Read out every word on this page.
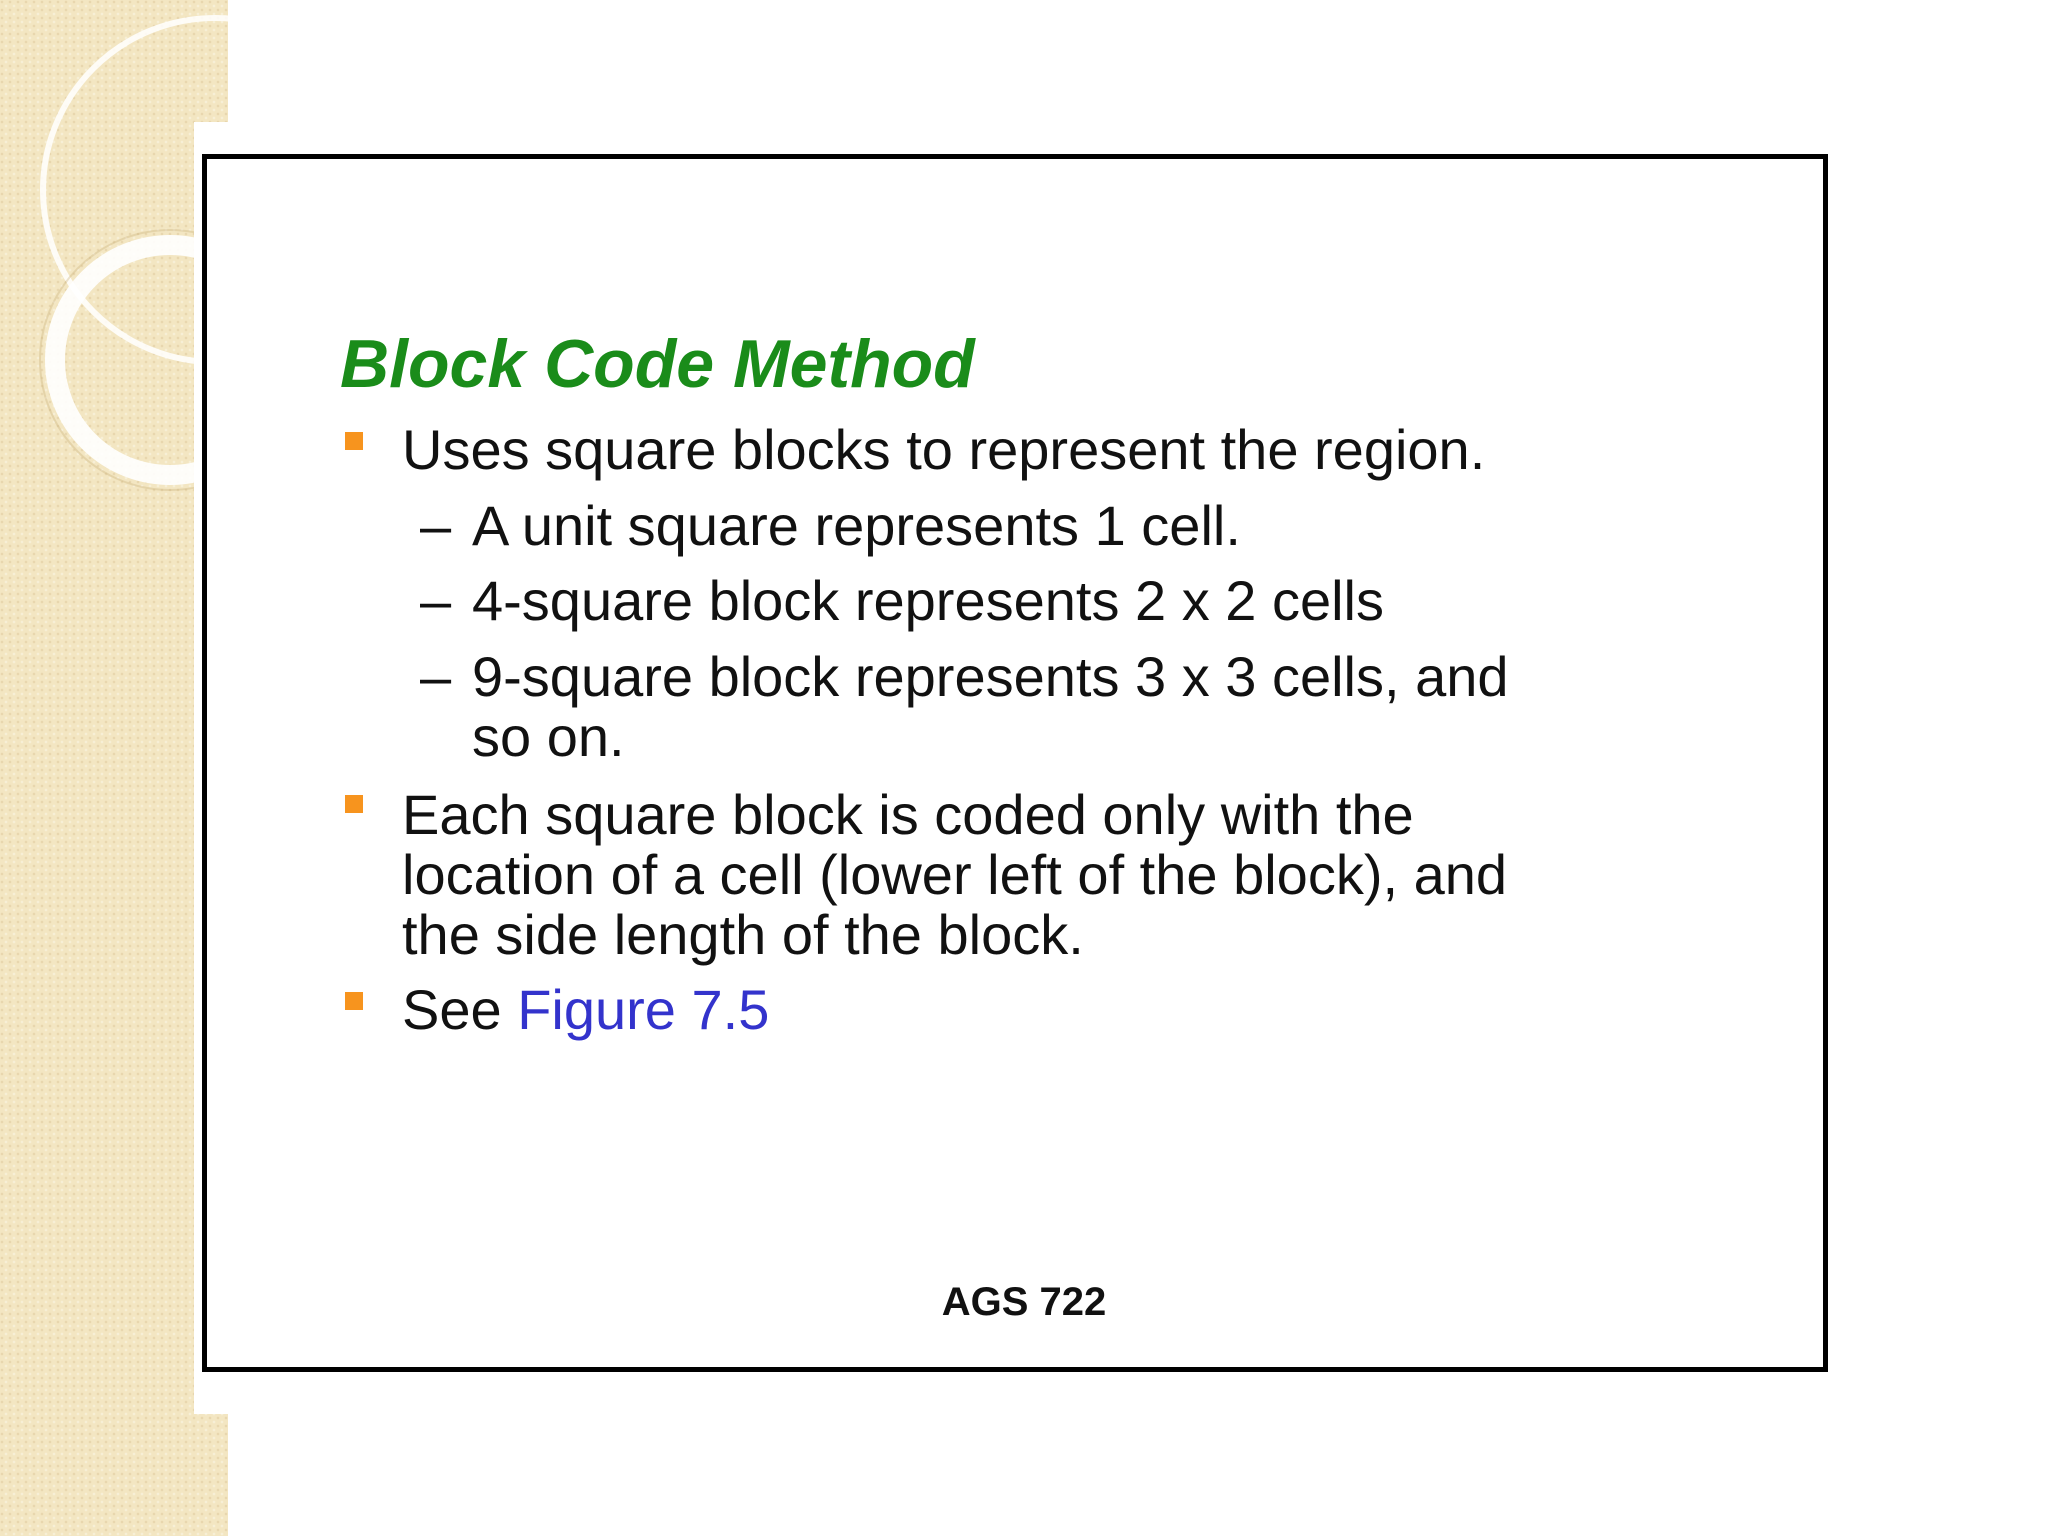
Block Code Method

Uses square blocks to represent the region.

– A unit square represents 1 cell.

– 4-square block represents 2 x 2 cells

– 9-square block represents 3 x 3 cells, and

so on.

Each square block is coded only with the

location of a cell (lower left of the block), and

the side length of the block.

See Figure 7.5

AGS 722
